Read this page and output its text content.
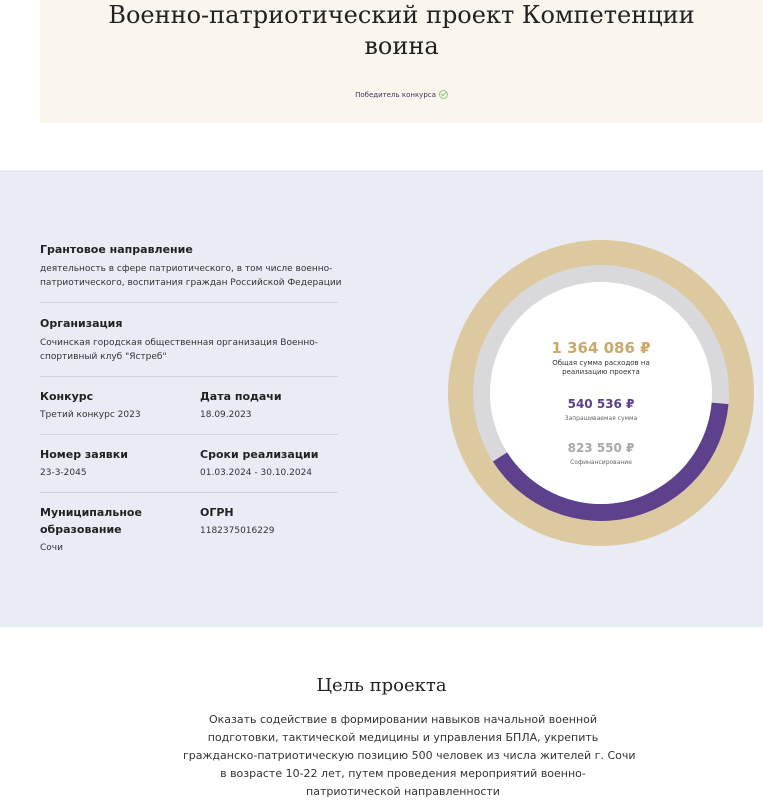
Военно-патриотический проект Компетенции
воина
Победитель конкурса
Грантовое направление
деятельность в сфере патриотического, в том числе военно-
патриотического, воспитания граждан Российской Федерации
Организация
Сочинская городская общественная организация Военно-
спортивный клуб "Ястреб"
Конкурс
Третий конкурс 2023
Дата подачи
18.09.2023
Номер заявки
23-3-2045
Сроки реализации
01.03.2024 - 30.10.2024
Муниципальное
образование
Сочи
ОГРН
1182375016229
1 364 086 ₽
Общая сумма расходов на
реализацию проекта
540 536 ₽
Запрашиваемая сумма
823 550 ₽
Софинансирование
Цель проекта
Оказать содействие в формировании навыков начальной военной
подготовки, тактической медицины и управления БПЛА, укрепить
гражданско-патриотическую позицию 500 человек из числа жителей г. Сочи
в возрасте 10-22 лет, путем проведения мероприятий военно-
патриотической направленности
